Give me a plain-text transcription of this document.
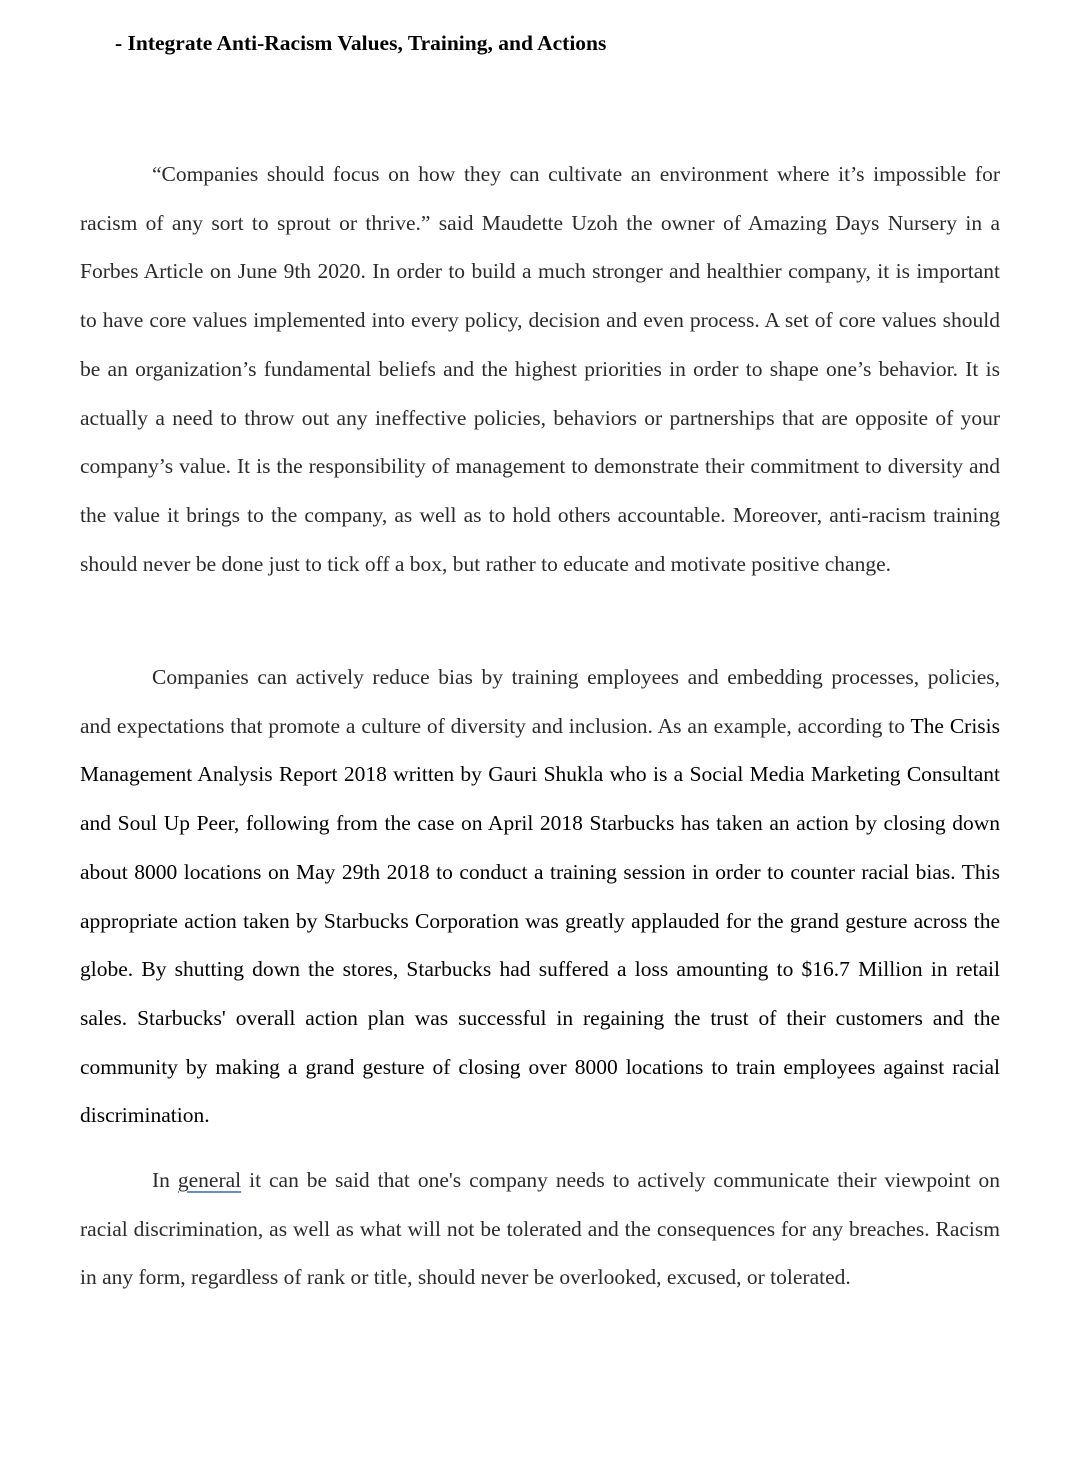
- Integrate Anti-Racism Values, Training, and Actions

“Companies should focus on how they can cultivate an environment where it’s impossible for racism of any sort to sprout or thrive.” said Maudette Uzoh the owner of Amazing Days Nursery in a Forbes Article on June 9th 2020. In order to build a much stronger and healthier company, it is important to have core values implemented into every policy, decision and even process. A set of core values should be an organization’s fundamental beliefs and the highest priorities in order to shape one’s behavior. It is actually a need to throw out any ineffective policies, behaviors or partnerships that are opposite of your company’s value. It is the responsibility of management to demonstrate their commitment to diversity and the value it brings to the company, as well as to hold others accountable. Moreover, anti-racism training should never be done just to tick off a box, but rather to educate and motivate positive change.

Companies can actively reduce bias by training employees and embedding processes, policies, and expectations that promote a culture of diversity and inclusion. As an example, according to The Crisis Management Analysis Report 2018 written by Gauri Shukla who is a Social Media Marketing Consultant and Soul Up Peer, following from the case on April 2018 Starbucks has taken an action by closing down about 8000 locations on May 29th 2018 to conduct a training session in order to counter racial bias. This appropriate action taken by Starbucks Corporation was greatly applauded for the grand gesture across the globe. By shutting down the stores, Starbucks had suffered a loss amounting to $16.7 Million in retail sales. Starbucks' overall action plan was successful in regaining the trust of their customers and the community by making a grand gesture of closing over 8000 locations to train employees against racial discrimination.

In general it can be said that one's company needs to actively communicate their viewpoint on racial discrimination, as well as what will not be tolerated and the consequences for any breaches. Racism in any form, regardless of rank or title, should never be overlooked, excused, or tolerated.
